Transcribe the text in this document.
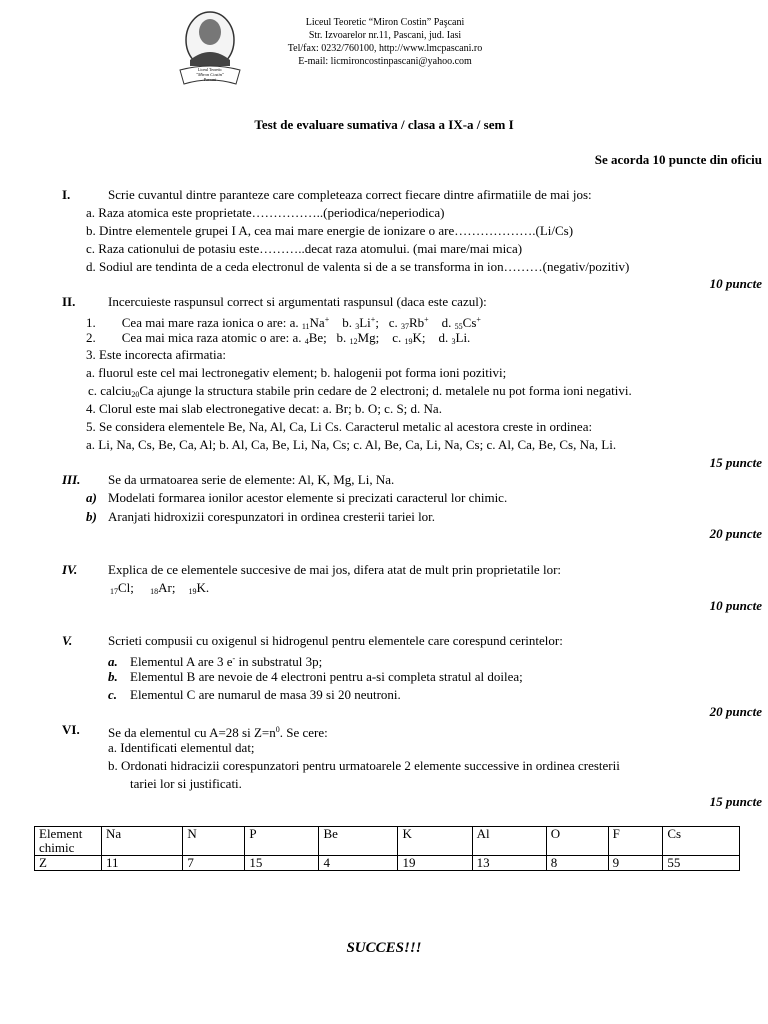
Liceul Teoretic
"Miron Costin"
Pascani
Liceul Teoretic “Miron Costin” Paşcani
Str. Izvoarelor nr.11, Pascani, jud. Iasi
Tel/fax: 0232/760100, http://www.lmcpascani.ro
E-mail: licmironcostinpascani@yahoo.com
Test de evaluare sumativa / clasa a IX-a / sem I
Se acorda 10 puncte din oficiu
I.	Scrie cuvantul dintre paranteze care completeaza correct fiecare dintre afirmatiile de mai jos:
a. Raza atomica este proprietate……………..(periodica/neperiodica)
b. Dintre elementele grupei I A, cea mai mare energie de ionizare o are……………….(Li/Cs)
c. Raza cationului de potasiu este………..decat raza atomului. (mai mare/mai mica)
d. Sodiul are tendinta de a ceda electronul de valenta si de a se transforma in ion………(negativ/pozitiv)
10 puncte
II.	Incercuieste raspunsul correct si argumentati raspunsul (daca este cazul):
1. Cea mai mare raza ionica o are: a. $_{11}$Na+ b. $_3$Li+; c. $_{37}$Rb+ d. $_{55}$Cs+
2. Cea mai mica raza atomic o are: a. $_4$Be; b. $_{12}$Mg; c. $_{19}$K; d. $_3$Li.
3. Este incorecta afirmatia:
a. fluorul este cel mai lectronegativ element; b. halogenii pot forma ioni pozitivi;
c. calciu$_{20}$Ca ajunge la structura stabile prin cedare de 2 electroni; d. metalele nu pot forma ioni negativi.
4. Clorul este mai slab electronegative decat: a. Br; b. O; c. S; d. Na.
5. Se considera elementele Be, Na, Al, Ca, Li Cs. Caracterul metalic al acestora creste in ordinea:
a. Li, Na, Cs, Be, Ca, Al; b. Al, Ca, Be, Li, Na, Cs; c. Al, Be, Ca, Li, Na, Cs; c. Al, Ca, Be, Cs, Na, Li.
15 puncte
III. Se da urmatoarea serie de elemente: Al, K, Mg, Li, Na.
a) Modelati formarea ionilor acestor elemente si precizati caracterul lor chimic.
b) Aranjati hidroxizii corespunzatori in ordinea cresterii tariei lor.
20 puncte
IV. Explica de ce elementele succesive de mai jos, difera atat de mult prin proprietatile lor:
$_{17}$Cl; $_{18}$Ar; $_{19}$K.
10 puncte
V.	Scrieti compusii cu oxigenul si hidrogenul pentru elementele care corespund cerintelor:
a. Elementul A are 3 e- in substratul 3p;
b. Elementul B are nevoie de 4 electroni pentru a-si completa stratul al doilea;
c. Elementul C are numarul de masa 39 si 20 neutroni.
20 puncte
VI. Se da elementul cu A=28 si $Z=n^0$. Se cere:
a. Identificati elementul dat;
b. Ordonati hidracizii corespunzatori pentru urmatoarele 2 elemente successive in ordinea cresterii
tariei lor si justificati.
15 puncte
Element
chimic	Na	N	P	Be	K	Al	O	F	Cs
Z	11	7	15	4	19	13	8	9	55
SUCCES!!!
